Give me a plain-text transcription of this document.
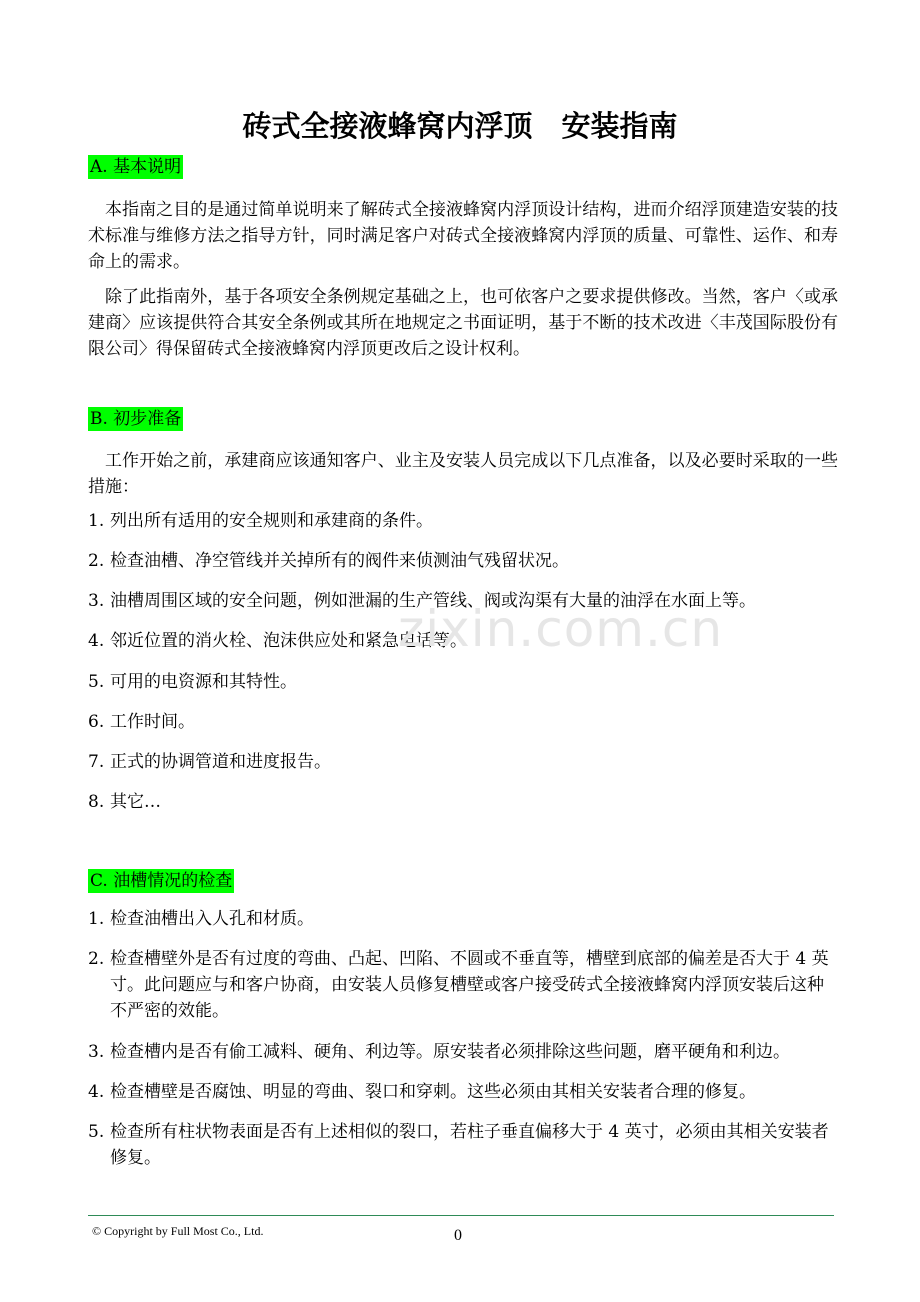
砖式全接液蜂窝内浮顶　安装指南
A. 基本说明

本指南之目的是通过简单说明来了解砖式全接液蜂窝内浮顶设计结构，进而介绍浮顶建造安装的技术标准与维修方法之指导方针，同时满足客户对砖式全接液蜂窝内浮顶的质量、可靠性、运作、和寿命上的需求。

除了此指南外，基于各项安全条例规定基础之上，也可依客户之要求提供修改。当然，客户〈或承建商〉应该提供符合其安全条例或其所在地规定之书面证明，基于不断的技术改进〈丰茂国际股份有限公司〉得保留砖式全接液蜂窝内浮顶更改后之设计权利。

B. 初步准备

工作开始之前，承建商应该通知客户、业主及安装人员完成以下几点准备，以及必要时采取的一些措施：

1. 列出所有适用的安全规则和承建商的条件。
2. 检查油槽、净空管线并关掉所有的阀件来侦测油气残留状况。
3. 油槽周围区域的安全问题，例如泄漏的生产管线、阀或沟渠有大量的油浮在水面上等。
4. 邻近位置的消火栓、泡沫供应处和紧急电话等。
5. 可用的电资源和其特性。
6. 工作时间。
7. 正式的协调管道和进度报告。
8. 其它…
C. 油槽情况的检查
1. 检查油槽出入人孔和材质。
2. 检查槽壁外是否有过度的弯曲、凸起、凹陷、不圆或不垂直等，槽壁到底部的偏差是否大于 4 英寸。此问题应与和客户协商，由安装人员修复槽壁或客户接受砖式全接液蜂窝内浮顶安装后这种不严密的效能。
3. 检查槽内是否有偷工减料、硬角、利边等。原安装者必须排除这些问题，磨平硬角和利边。
4. 检查槽壁是否腐蚀、明显的弯曲、裂口和穿刺。这些必须由其相关安装者合理的修复。
5. 检查所有柱状物表面是否有上述相似的裂口，若柱子垂直偏移大于 4 英寸，必须由其相关安装者修复。
zixin.com.cn
© Copyright by Full Most Co., Ltd.	0
